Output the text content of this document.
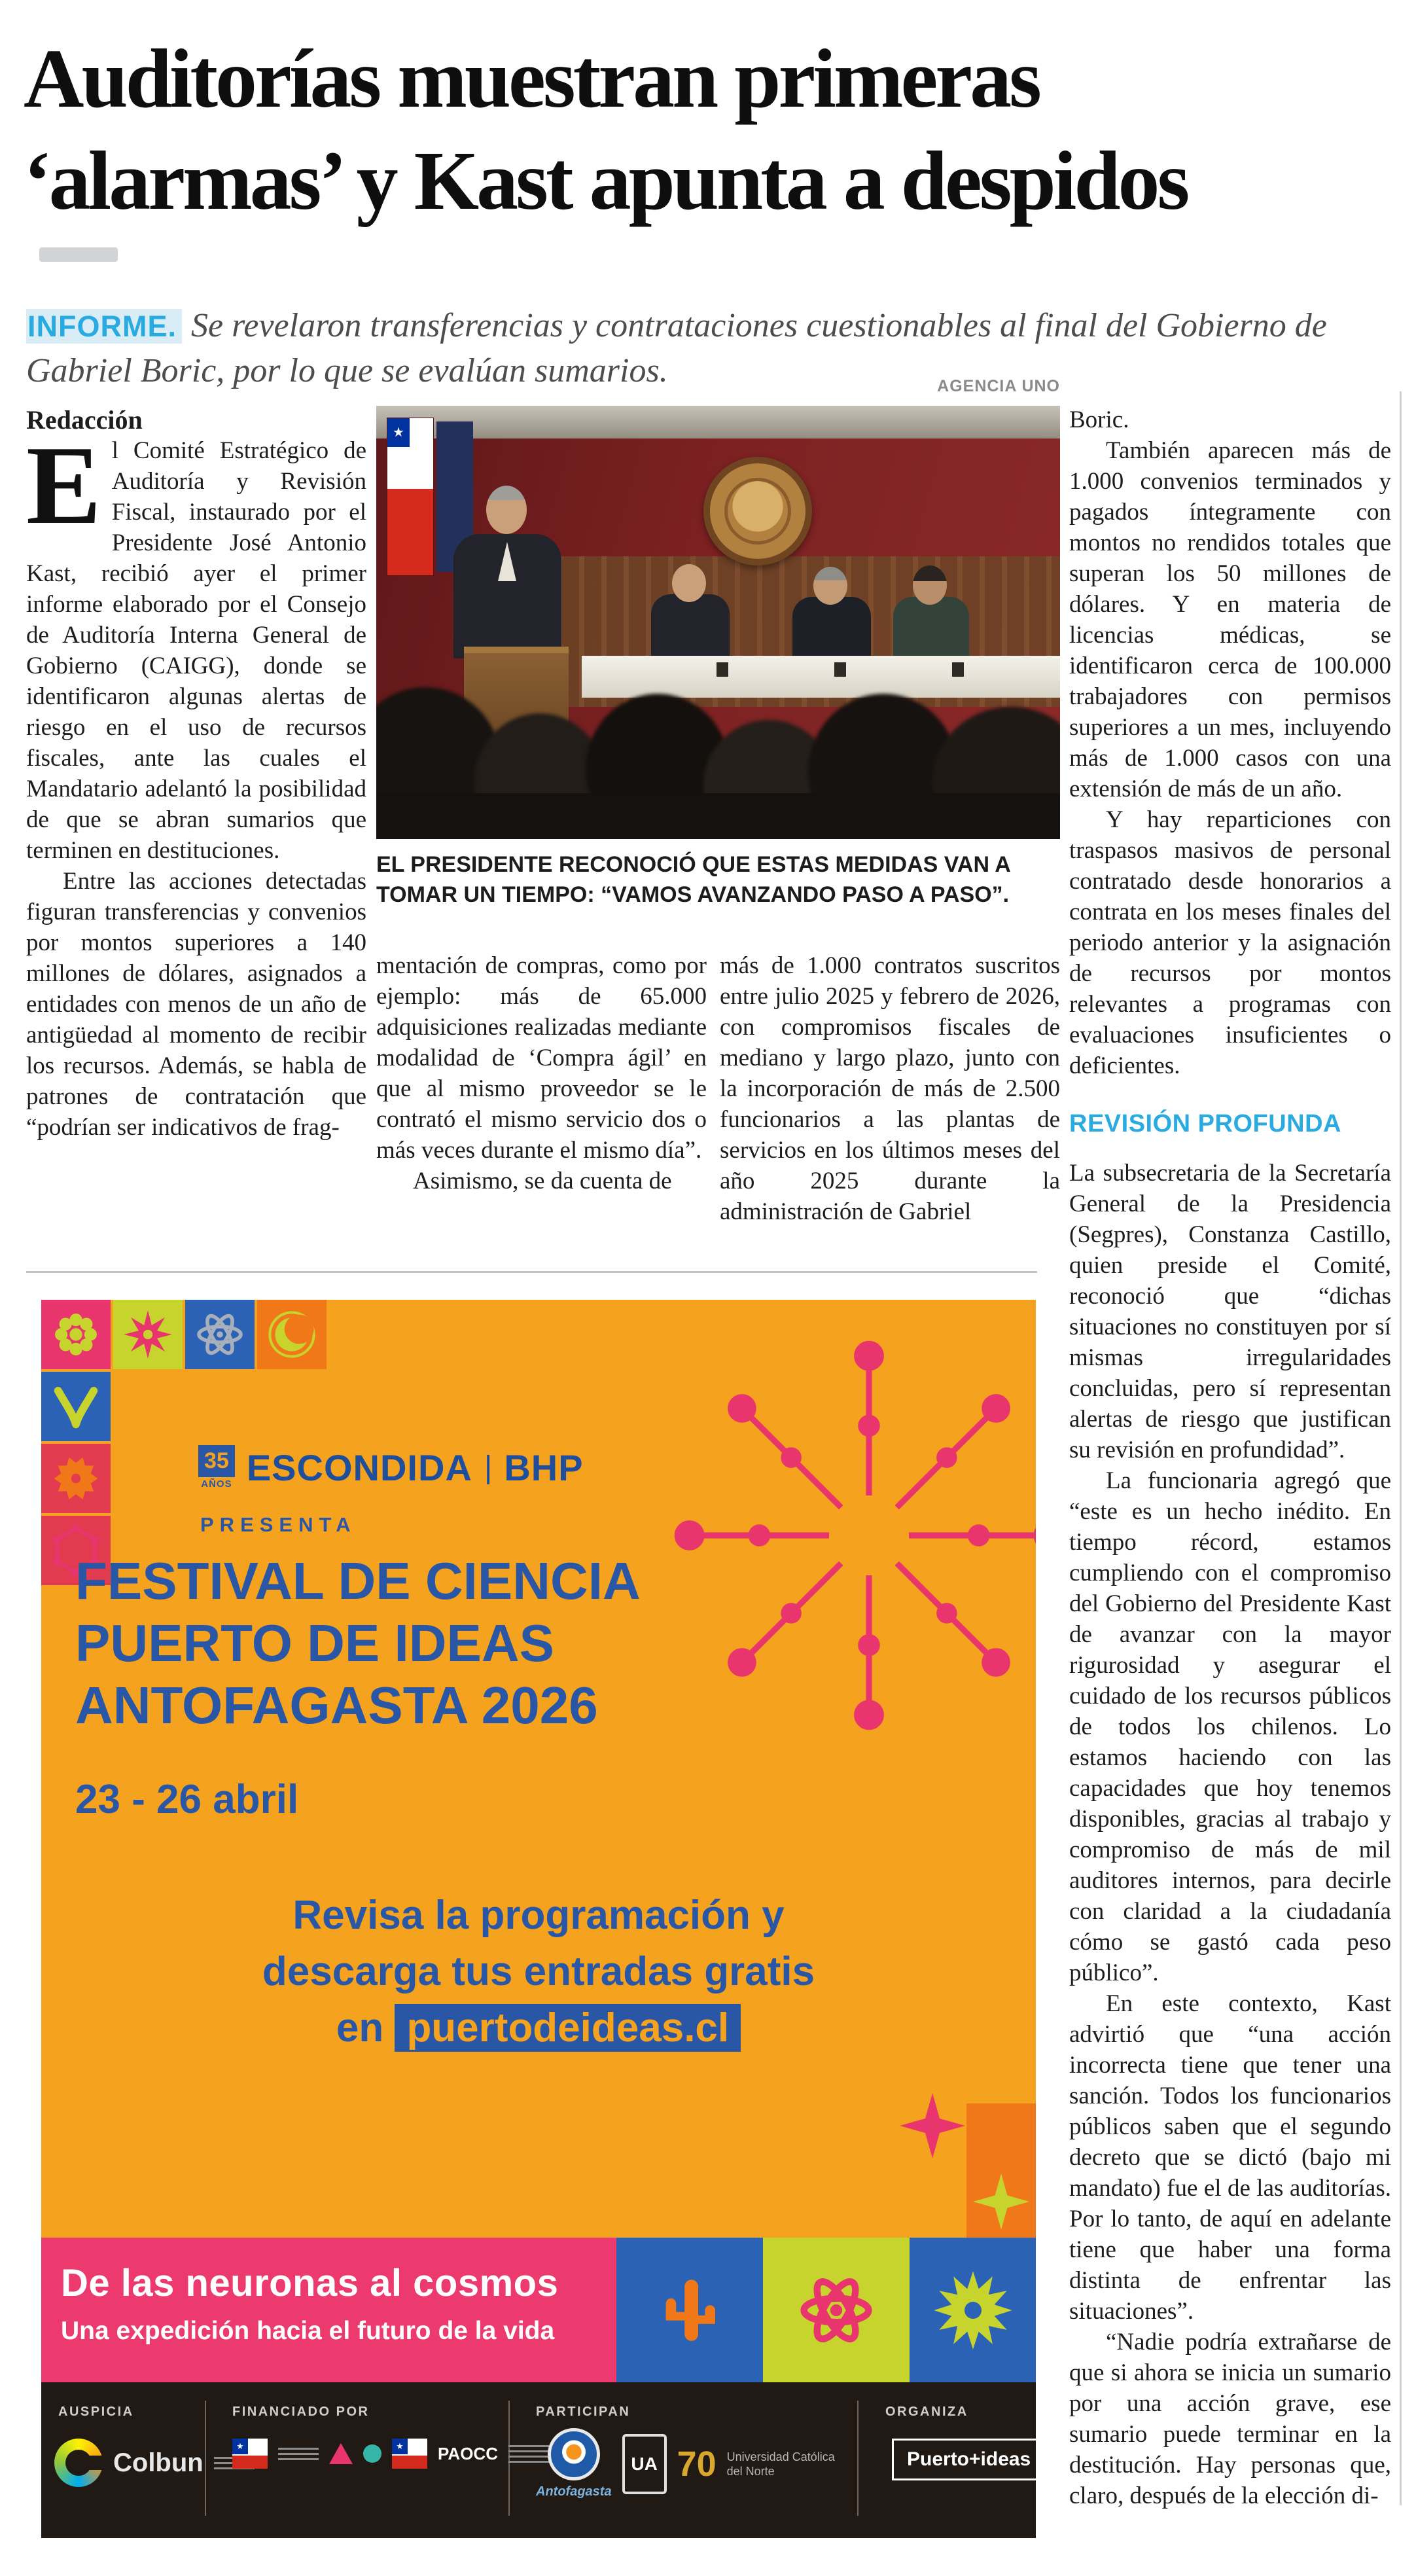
Auditorías muestran primeras
‘alarmas’ y Kast apunta a despidos

INFORME. Se revelaron transferencias y contrataciones cuestionables al final del Gobierno de Gabriel Boric, por lo que se evalúan sumarios.

Redacción

El Comité Estratégico de Auditoría y Revisión Fiscal, instaurado por el Presidente José Antonio Kast, recibió ayer el primer informe elaborado por el Consejo de Auditoría Interna General de Gobierno (CAIGG), donde se identificaron algunas alertas de riesgo en el uso de recursos fiscales, ante las cuales el Mandatario adelantó la posibilidad de que se abran sumarios que terminen en destituciones.

Entre las acciones detectadas figuran transferencias y convenios por montos superiores a 140 millones de dólares, asignados a entidades con menos de un año de antigüedad al momento de recibir los recursos. Además, se habla de patrones de contratación que “podrían ser indicativos de frag-

AGENCIA UNO
★
EL PRESIDENTE RECONOCIÓ QUE ESTAS MEDIDAS VAN A TOMAR UN TIEMPO: “VAMOS AVANZANDO PASO A PASO”.

mentación de compras, como por ejemplo: más de 65.000 adquisiciones realizadas mediante modalidad de ‘Compra ágil’ en que al mismo proveedor se le contrató el mismo servicio dos o más veces durante el mismo día”.

Asimismo, se da cuenta de

más de 1.000 contratos suscritos entre julio 2025 y febrero de 2026, con compromisos fiscales de mediano y largo plazo, junto con la incorporación de más de 2.500 funcionarios a las plantas de servicios en los últimos meses del año 2025 durante la administración de Gabriel

Boric.

También aparecen más de 1.000 convenios terminados y pagados íntegramente con montos no rendidos totales que superan los 50 millones de dólares. Y en materia de licencias médicas, se identificaron cerca de 100.000 trabajadores con permisos superiores a un mes, incluyendo más de 1.000 casos con una extensión de más de un año.

Y hay reparticiones con traspasos masivos de personal contratado desde honorarios a contrata en los meses finales del periodo anterior y la asignación de recursos por montos relevantes a programas con evaluaciones insuficientes o deficientes.

REVISIÓN PROFUNDA

La subsecretaria de la Secretaría General de la Presidencia (Segpres), Constanza Castillo, quien preside el Comité, reconoció que “dichas situaciones no constituyen por sí mismas irregularidades concluidas, pero sí representan alertas de riesgo que justifican su revisión en profundidad”.

La funcionaria agregó que “este es un hecho inédito. En tiempo récord, estamos cumpliendo con el compromiso del Gobierno del Presidente Kast de avanzar con la mayor rigurosidad y asegurar el cuidado de los recursos públicos de todos los chilenos. Lo estamos haciendo con las capacidades que hoy tenemos disponibles, gracias al trabajo y compromiso de más de mil auditores internos, para decirle con claridad a la ciudadanía cómo se gastó cada peso público”.

En este contexto, Kast advirtió que “una acción incorrecta tiene que tener una sanción. Todos los funcionarios públicos saben que el segundo decreto que se dictó (bajo mi mandato) fue el de las auditorías. Por lo tanto, de aquí en adelante tiene que haber una forma distinta de enfrentar las situaciones”.

“Nadie podría extrañarse de que si ahora se inicia un sumario por una acción grave, ese sumario puede terminar en la destitución. Hay personas que, claro, después de la elección di-

35
AÑOS ESCONDIDA | BHP
PRESENTA
FESTIVAL DE CIENCIA
PUERTO DE IDEAS
ANTOFAGASTA 2026
23 - 26 abril
Revisa la programación y
descarga tus entradas gratis
en puertodeideas.cl
De las neuronas al cosmos
Una expedición hacia el futuro de la vida
AUSPICIA	FINANCIADO POR	PARTICIPAN	ORGANIZA
Colbun
★	★ PAOCC
Antofagasta
UA 70 Universidad Católica del Norte
Puerto+ideas
